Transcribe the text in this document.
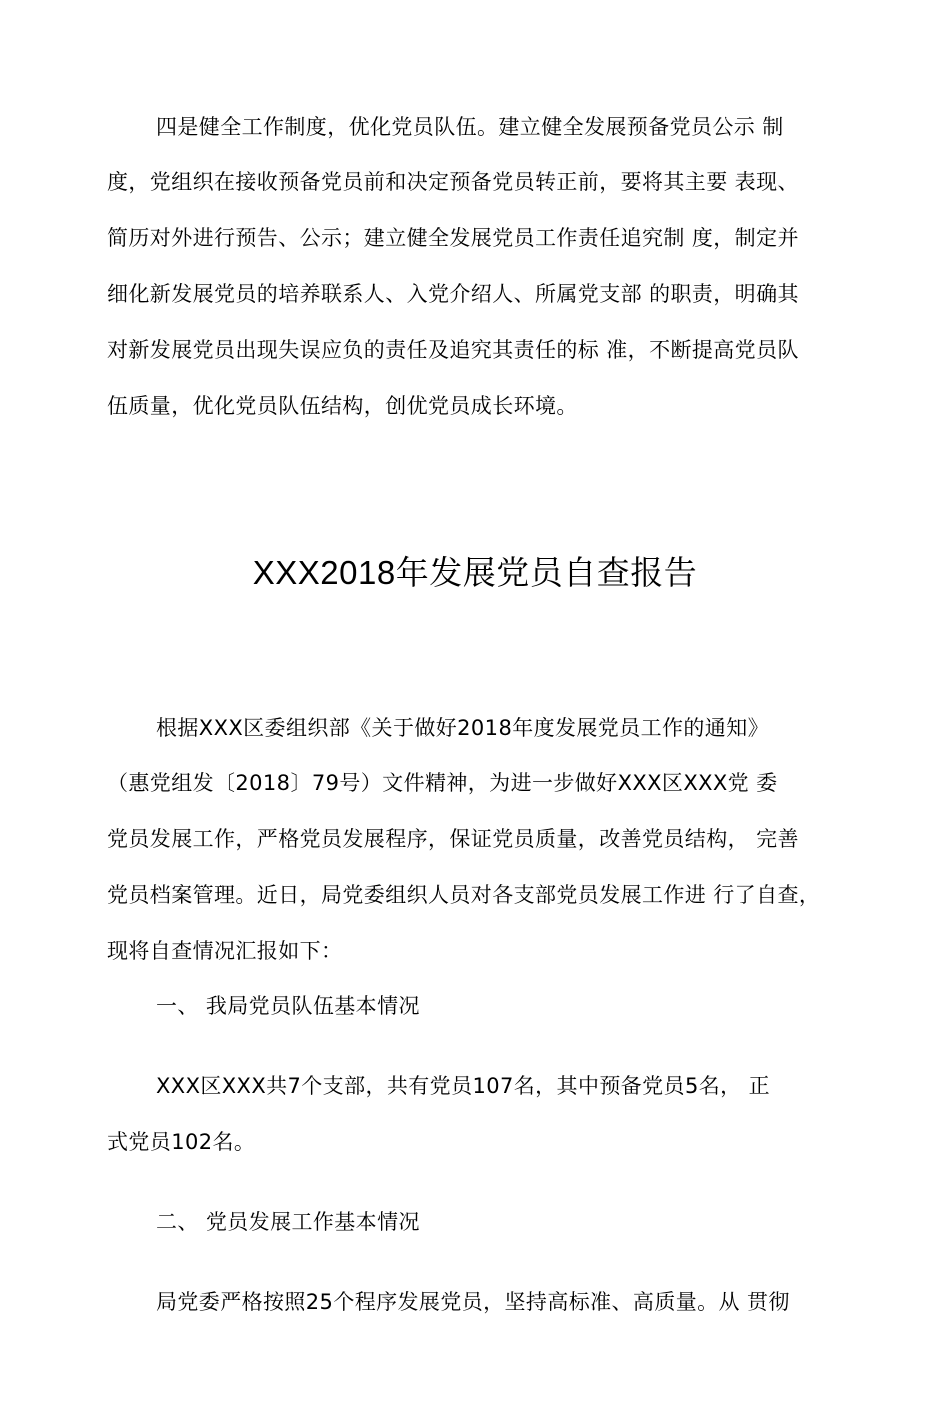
四是健全工作制度，优化党员队伍。建立健全发展预备党员公示 制

度，党组织在接收预备党员前和决定预备党员转正前，要将其主要 表现、

简历对外进行预告、公示；建立健全发展党员工作责任追究制 度，制定并

细化新发展党员的培养联系人、入党介绍人、所属党支部 的职责，明确其

对新发展党员出现失误应负的责任及追究其责任的标 准，不断提高党员队

伍质量，优化党员队伍结构，创优党员成长环境。

XXX2018年发展党员自查报告

根据XXX区委组织部《关于做好2018年度发展党员工作的通知》

（惠党组发〔2018〕79号）文件精神，为进一步做好XXX区XXX党 委

党员发展工作，严格党员发展程序，保证党员质量，改善党员结构， 完善

党员档案管理。近日，局党委组织人员对各支部党员发展工作进 行了自查，

现将自查情况汇报如下：

一、 我局党员队伍基本情况

XXX区XXX共7个支部，共有党员107名，其中预备党员5名， 正

式党员102名。

二、 党员发展工作基本情况

局党委严格按照25个程序发展党员，坚持高标准、高质量。从 贯彻
